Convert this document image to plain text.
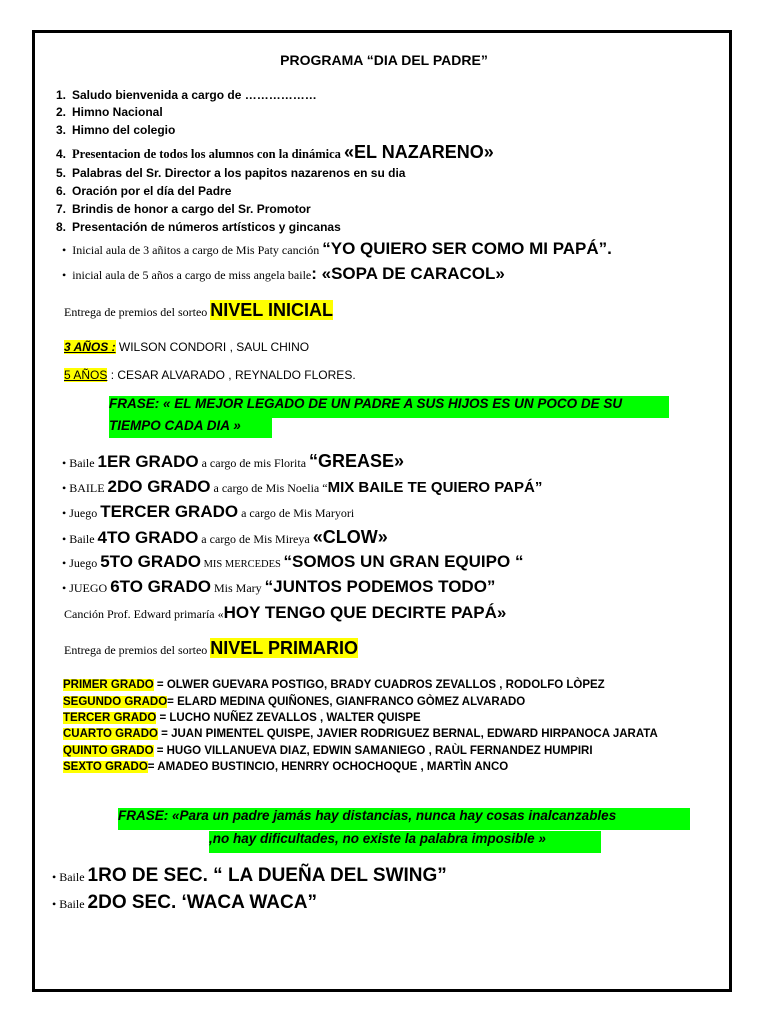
PROGRAMA “DIA DEL PADRE”
1. Saludo bienvenida a cargo de ………………
2. Himno Nacional
3. Himno del colegio
4. Presentacion de todos los alumnos con la dinámica «EL NAZARENO»
5. Palabras del Sr. Director a los papitos nazarenos en su dia
6. Oración por el día del Padre
7. Brindis de honor a cargo del Sr. Promotor
8. Presentación de números artísticos y gincanas
• Inicial aula de 3 añitos a cargo de Mis Paty canción “YO QUIERO SER COMO MI PAPÁ”.
• inicial aula de 5 años a cargo de miss angela baile: «SOPA DE CARACOL»
Entrega de premios del sorteo NIVEL INICIAL
3 AÑOS : WILSON CONDORI , SAUL CHINO
5 AÑOS : CESAR ALVARADO , REYNALDO FLORES.
FRASE: « EL MEJOR LEGADO DE UN PADRE A SUS HIJOS ES UN POCO DE SU
TIEMPO CADA DIA »
• Baile 1ER GRADO a cargo de mis Florita “GREASE»
• BAILE 2DO GRADO a cargo de Mis Noelia “MIX BAILE TE QUIERO PAPÁ”
• Juego TERCER GRADO a cargo de Mis Maryori
• Baile 4TO GRADO a cargo de Mis Mireya «CLOW»
• Juego 5TO GRADO MIS MERCEDES “SOMOS UN GRAN EQUIPO “
• JUEGO 6TO GRADO Mis Mary “JUNTOS PODEMOS TODO”
Canción Prof. Edward primaría «HOY TENGO QUE DECIRTE PAPÁ»
Entrega de premios del sorteo NIVEL PRIMARIO
PRIMER GRADO = OLWER GUEVARA POSTIGO, BRADY CUADROS ZEVALLOS , RODOLFO LÒPEZ
SEGUNDO GRADO= ELARD MEDINA QUIÑONES, GIANFRANCO GÒMEZ ALVARADO
TERCER GRADO = LUCHO NUÑEZ ZEVALLOS , WALTER QUISPE
CUARTO GRADO = JUAN PIMENTEL QUISPE, JAVIER RODRIGUEZ BERNAL, EDWARD HIRPANOCA JARATA
QUINTO GRADO = HUGO VILLANUEVA DIAZ, EDWIN SAMANIEGO , RAÙL FERNANDEZ HUMPIRI
SEXTO GRADO= AMADEO BUSTINCIO, HENRRY OCHOCHOQUE , MARTÌN ANCO
FRASE: «Para un padre jamás hay distancias, nunca hay cosas inalcanzables
,no hay dificultades, no existe la palabra imposible »
• Baile 1RO DE SEC. “ LA DUEÑA DEL SWING”
• Baile 2DO SEC. ‘WACA WACA”
